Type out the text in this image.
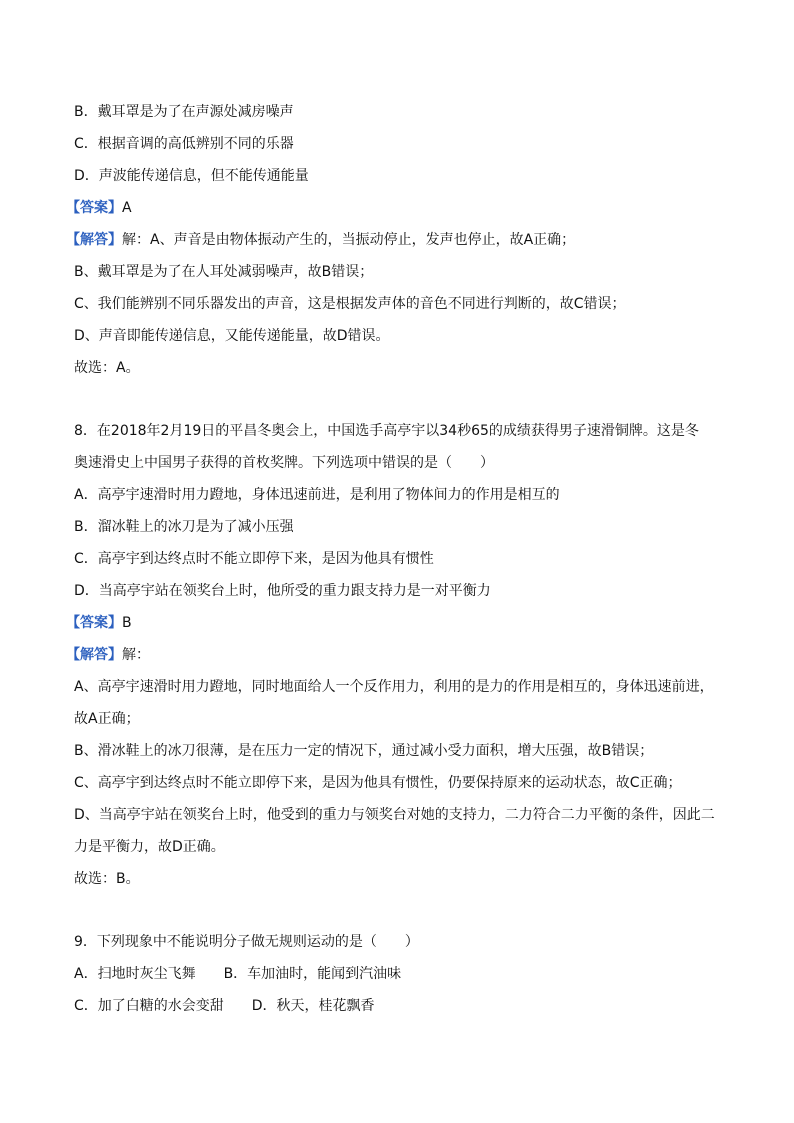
B．戴耳罩是为了在声源处减房噪声
C．根据音调的高低辨别不同的乐器
D．声波能传递信息，但不能传通能量
【答案】A
【解答】解：A、声音是由物体振动产生的，当振动停止，发声也停止，故A正确；
B、戴耳罩是为了在人耳处减弱噪声，故B错误；
C、我们能辨别不同乐器发出的声音，这是根据发声体的音色不同进行判断的，故C错误；
D、声音即能传递信息，又能传递能量，故D错误。
故选：A。
8．在2018年2月19日的平昌冬奥会上，中国选手高亭宇以34秒65的成绩获得男子速滑铜牌。这是冬
奥速滑史上中国男子获得的首枚奖牌。下列选项中错误的是（　　）
A．高亭宇速滑时用力蹬地，身体迅速前进，是利用了物体间力的作用是相互的
B．溜冰鞋上的冰刀是为了减小压强
C．高亭宇到达终点时不能立即停下来，是因为他具有惯性
D．当高亭宇站在领奖台上时，他所受的重力跟支持力是一对平衡力
【答案】B
【解答】解：
A、高亭宇速滑时用力蹬地，同时地面给人一个反作用力，利用的是力的作用是相互的，身体迅速前进，
故A正确；
B、滑冰鞋上的冰刀很薄，是在压力一定的情况下，通过减小受力面积，增大压强，故B错误；
C、高亭宇到达终点时不能立即停下来，是因为他具有惯性，仍要保持原来的运动状态，故C正确；
D、当高亭宇站在领奖台上时，他受到的重力与领奖台对她的支持力，二力符合二力平衡的条件，因此二
力是平衡力，故D正确。
故选：B。
9．下列现象中不能说明分子做无规则运动的是（　　）
A．扫地时灰尘飞舞　　B．车加油时，能闻到汽油味
C．加了白糖的水会变甜　　D．秋天，桂花飘香
